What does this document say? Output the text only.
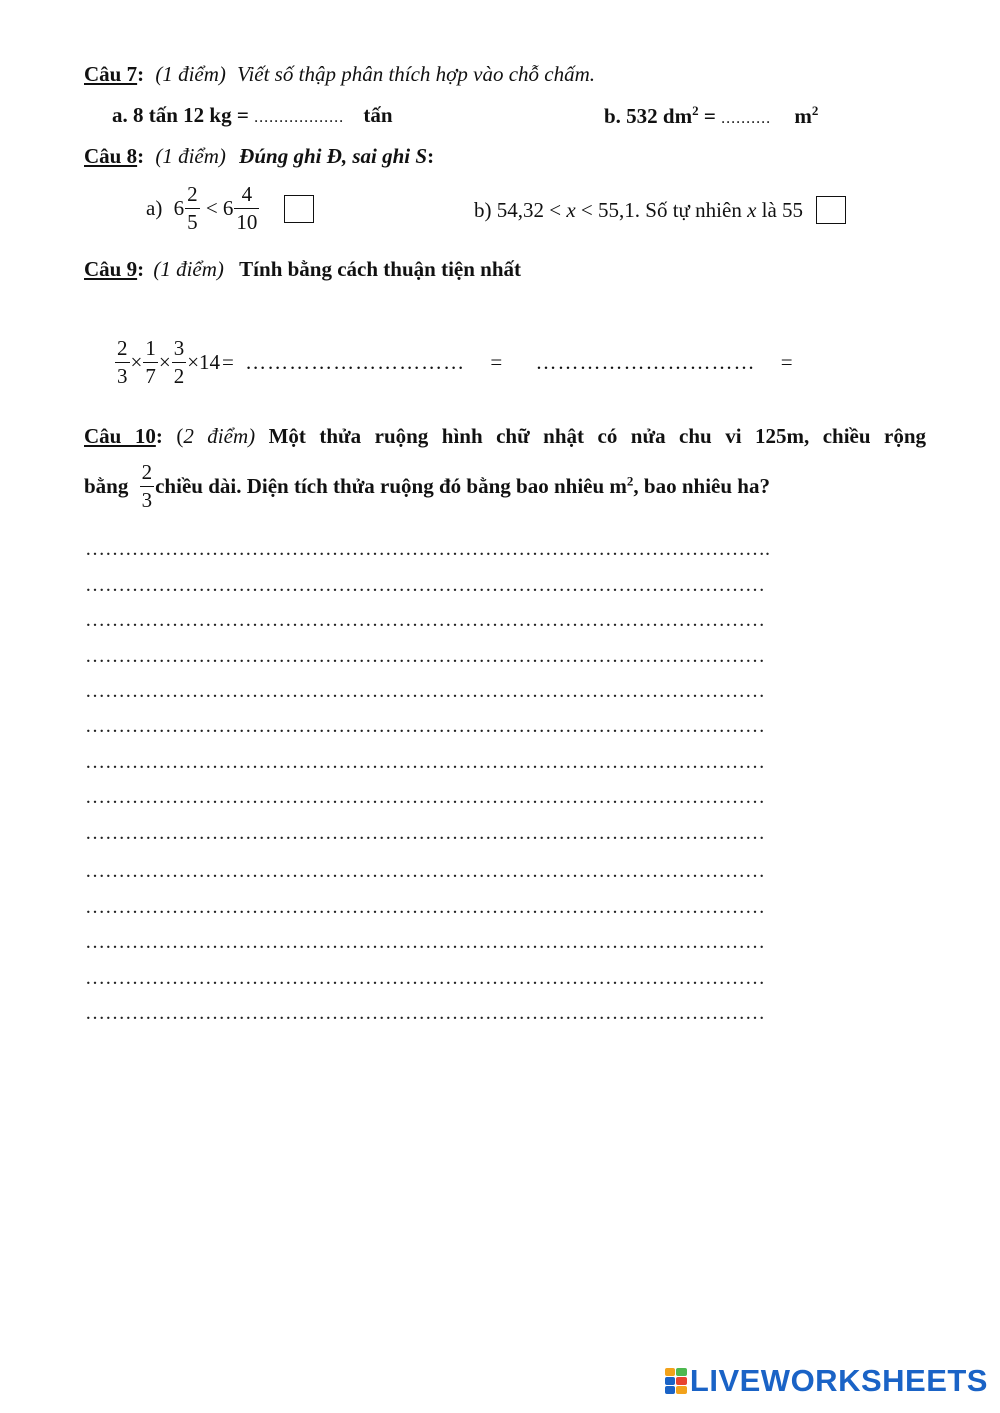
Câu 7: (1 điểm) Viết số thập phân thích hợp vào chỗ chấm.
a. 8 tấn 12 kg = .................. tấn	b. 532 $dm^2$ = .......... $m^2$
Câu 8: (1 điểm) Đúng ghi Đ, sai ghi S:
a) $6 \frac{2}{5} < 6 \frac{4}{10}$
	b) 54,32 < x < 55,1. Số tự nhiên x là 55
Câu 9: (1 điểm) Tính bằng cách thuận tiện nhất
$\frac{2}{3} \times \frac{1}{7} \times \frac{3}{2} \times 14=$ ………………………… = ………………………… =
Câu 10: (2 điểm) Một thửa ruộng hình chữ nhật có nửa chu vi 125m, chiều rộng
bằng $\frac{2}{3}$ chiều dài. Diện tích thửa ruộng đó bằng bao nhiêu $m^2$, bao nhiêu ha?
………………………………………………………………………………………….
…………………………………………………………………………………………
…………………………………………………………………………………………
…………………………………………………………………………………………
…………………………………………………………………………………………
…………………………………………………………………………………………
…………………………………………………………………………………………
…………………………………………………………………………………………
…………………………………………………………………………………………
…………………………………………………………………………………………
…………………………………………………………………………………………
…………………………………………………………………………………………
…………………………………………………………………………………………
…………………………………………………………………………………………
LIVEWORKSHEETS
